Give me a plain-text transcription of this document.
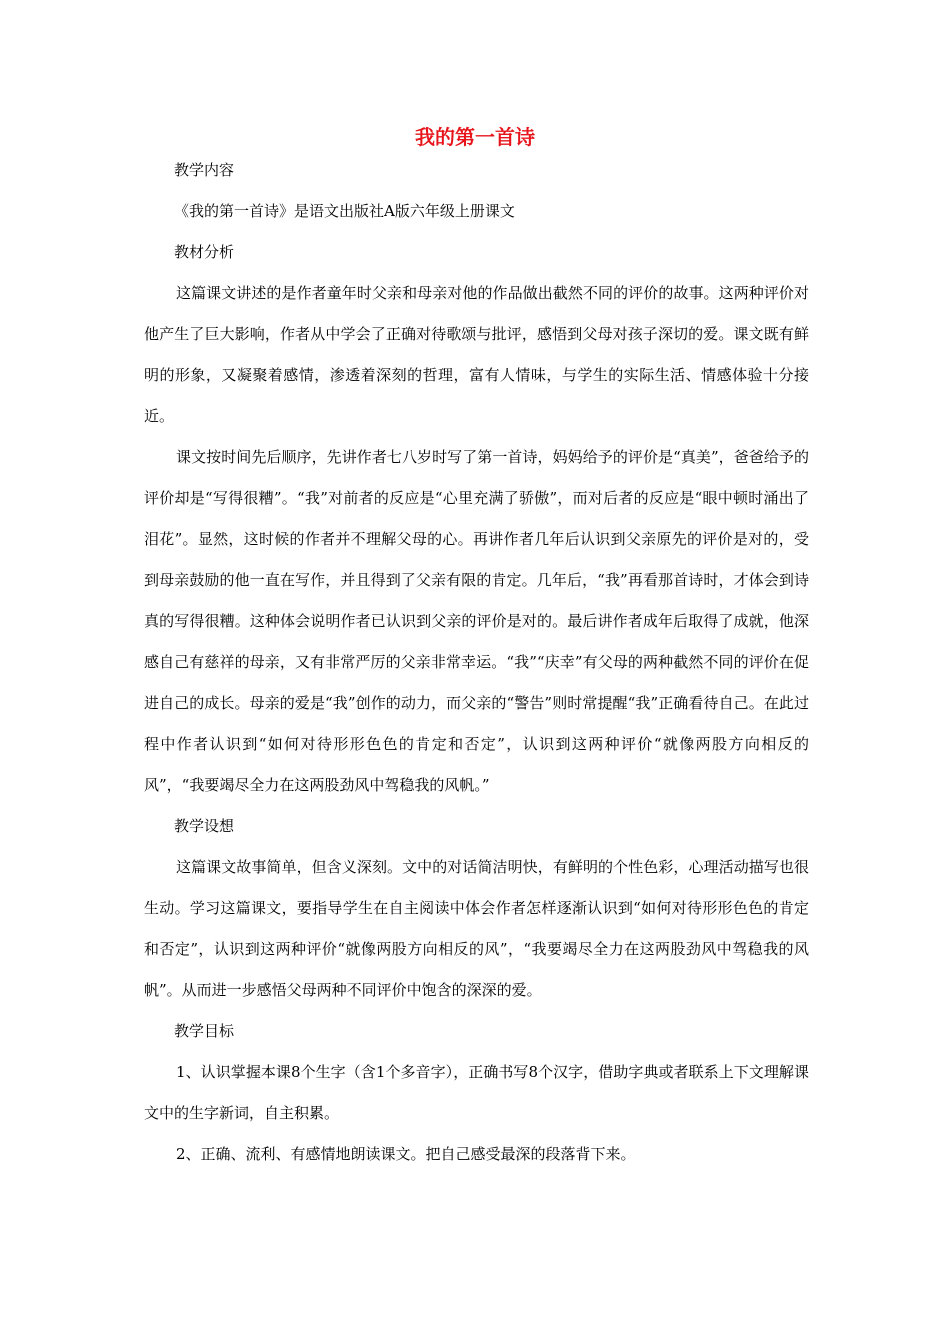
我的第一首诗

教学内容

《我的第一首诗》是语文出版社A版六年级上册课文

教材分析

这篇课文讲述的是作者童年时父亲和母亲对他的作品做出截然不同的评价的故事。这两种评价对他产生了巨大影响，作者从中学会了正确对待歌颂与批评，感悟到父母对孩子深切的爱。课文既有鲜明的形象，又凝聚着感情，渗透着深刻的哲理，富有人情味，与学生的实际生活、情感体验十分接近。

课文按时间先后顺序，先讲作者七八岁时写了第一首诗，妈妈给予的评价是“真美”，爸爸给予的评价却是“写得很糟”。“我”对前者的反应是“心里充满了骄傲”，而对后者的反应是“眼中顿时涌出了泪花”。显然，这时候的作者并不理解父母的心。再讲作者几年后认识到父亲原先的评价是对的，受到母亲鼓励的他一直在写作，并且得到了父亲有限的肯定。几年后，“我”再看那首诗时，才体会到诗真的写得很糟。这种体会说明作者已认识到父亲的评价是对的。最后讲作者成年后取得了成就，他深感自己有慈祥的母亲，又有非常严厉的父亲非常幸运。“我”“庆幸”有父母的两种截然不同的评价在促进自己的成长。母亲的爱是“我”创作的动力，而父亲的“警告”则时常提醒“我”正确看待自己。在此过程中作者认识到“如何对待形形色色的肯定和否定”，认识到这两种评价“就像两股方向相反的风”，“我要竭尽全力在这两股劲风中驾稳我的风帆。”

教学设想

这篇课文故事简单，但含义深刻。文中的对话简洁明快，有鲜明的个性色彩，心理活动描写也很生动。学习这篇课文，要指导学生在自主阅读中体会作者怎样逐渐认识到“如何对待形形色色的肯定和否定”，认识到这两种评价“就像两股方向相反的风”，“我要竭尽全力在这两股劲风中驾稳我的风帆”。从而进一步感悟父母两种不同评价中饱含的深深的爱。

教学目标

1、认识掌握本课8个生字（含1个多音字），正确书写8个汉字，借助字典或者联系上下文理解课文中的生字新词，自主积累。

2、正确、流利、有感情地朗读课文。把自己感受最深的段落背下来。
